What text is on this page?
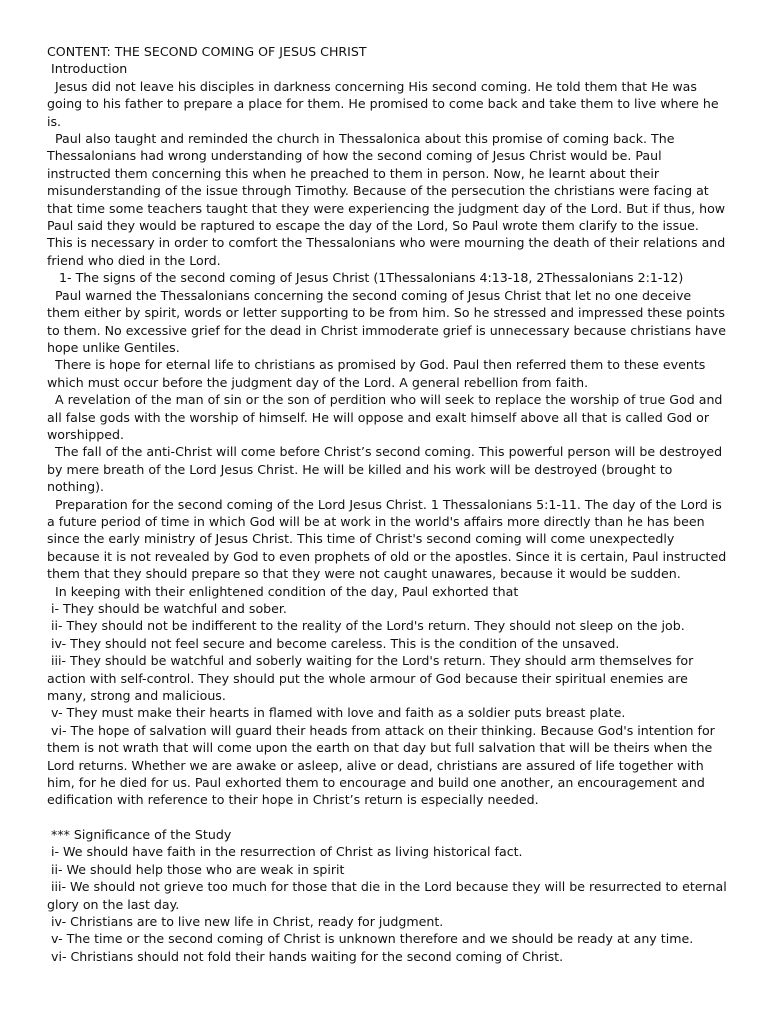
CONTENT: THE SECOND COMING OF JESUS CHRIST

Introduction

Jesus did not leave his disciples in darkness concerning His second coming. He told them that He was going to his father to prepare a place for them. He promised to come back and take them to live where he is.

Paul also taught and reminded the church in Thessalonica about this promise of coming back. The Thessalonians had wrong understanding of how the second coming of Jesus Christ would be. Paul instructed them concerning this when he preached to them in person. Now, he learnt about their misunderstanding of the issue through Timothy. Because of the persecution the christians were facing at that time some teachers taught that they were experiencing the judgment day of the Lord. But if thus, how Paul said they would be raptured to escape the day of the Lord, So Paul wrote them clarify to the issue. This is necessary in order to comfort the Thessalonians who were mourning the death of their relations and friend who died in the Lord.

1- The signs of the second coming of Jesus Christ (1Thessalonians 4:13-18, 2Thessalonians 2:1-12)

Paul warned the Thessalonians concerning the second coming of Jesus Christ that let no one deceive them either by spirit, words or letter supporting to be from him. So he stressed and impressed these points to them. No excessive grief for the dead in Christ immoderate grief is unnecessary because christians have hope unlike Gentiles.

There is hope for eternal life to christians as promised by God. Paul then referred them to these events which must occur before the judgment day of the Lord. A general rebellion from faith.

A revelation of the man of sin or the son of perdition who will seek to replace the worship of true God and all false gods with the worship of himself. He will oppose and exalt himself above all that is called God or worshipped.

The fall of the anti-Christ will come before Christ’s second coming. This powerful person will be destroyed by mere breath of the Lord Jesus Christ. He will be killed and his work will be destroyed (brought to nothing).

Preparation for the second coming of the Lord Jesus Christ. 1 Thessalonians 5:1-11. The day of the Lord is a future period of time in which God will be at work in the world's affairs more directly than he has been since the early ministry of Jesus Christ. This time of Christ's second coming will come unexpectedly because it is not revealed by God to even prophets of old or the apostles. Since it is certain, Paul instructed them that they should prepare so that they were not caught unawares, because it would be sudden.

In keeping with their enlightened condition of the day, Paul exhorted that

i- They should be watchful and sober.

ii- They should not be indifferent to the reality of the Lord's return. They should not sleep on the job.

iv- They should not feel secure and become careless. This is the condition of the unsaved.

iii- They should be watchful and soberly waiting for the Lord's return. They should arm themselves for action with self-control. They should put the whole armour of God because their spiritual enemies are many, strong and malicious.

v- They must make their hearts in flamed with love and faith as a soldier puts breast plate.

vi- The hope of salvation will guard their heads from attack on their thinking. Because God's intention for them is not wrath that will come upon the earth on that day but full salvation that will be theirs when the Lord returns. Whether we are awake or asleep, alive or dead, christians are assured of life together with him, for he died for us. Paul exhorted them to encourage and build one another, an encouragement and edification with reference to their hope in Christ’s return is especially needed.

*** Significance of the Study

i- We should have faith in the resurrection of Christ as living historical fact.

ii- We should help those who are weak in spirit

iii- We should not grieve too much for those that die in the Lord because they will be resurrected to eternal glory on the last day.

iv- Christians are to live new life in Christ, ready for judgment.

v- The time or the second coming of Christ is unknown therefore and we should be ready at any time.

vi- Christians should not fold their hands waiting for the second coming of Christ.
